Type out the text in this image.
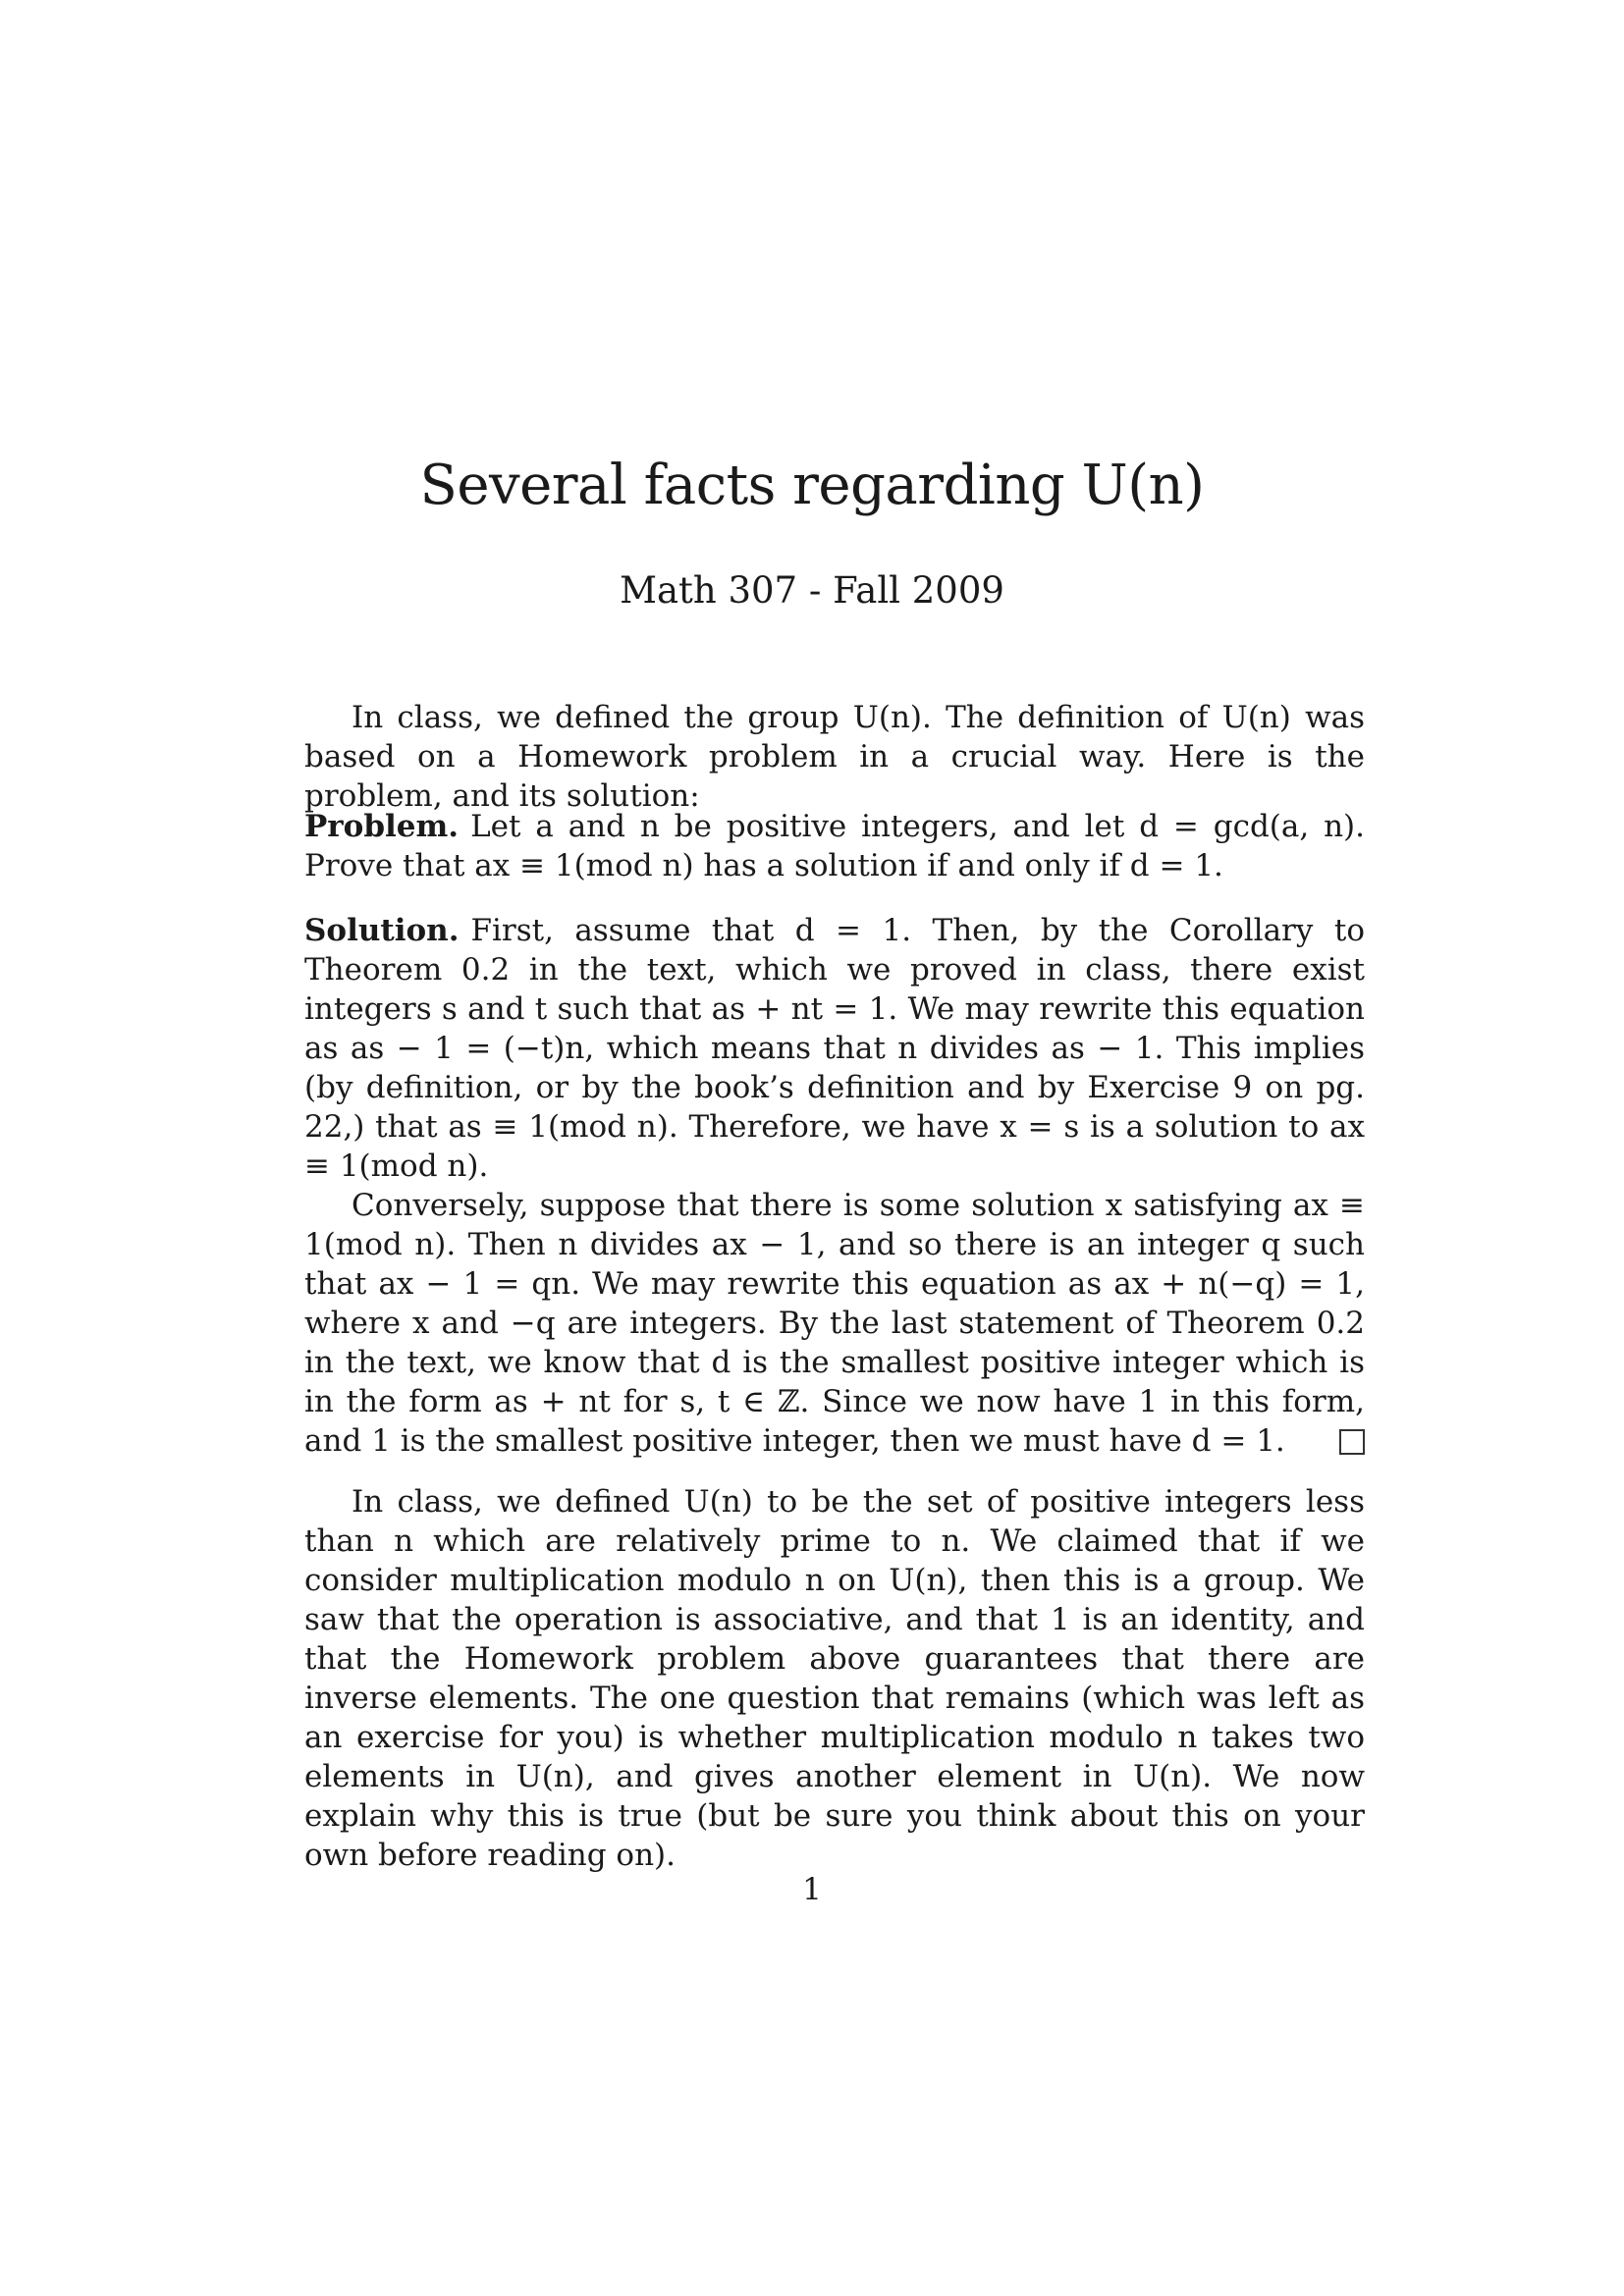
Several facts regarding U(n)
Math 307 - Fall 2009

In class, we defined the group U(n). The definition of U(n) was based on a Homework problem in a crucial way. Here is the problem, and its solution:

Problem. Let a and n be positive integers, and let d = gcd(a, n). Prove that ax ≡ 1(mod n) has a solution if and only if d = 1.

Solution. First, assume that d = 1. Then, by the Corollary to Theorem 0.2 in the text, which we proved in class, there exist integers s and t such that as + nt = 1. We may rewrite this equation as as − 1 = (−t)n, which means that n divides as − 1. This implies (by definition, or by the book’s definition and by Exercise 9 on pg. 22,) that as ≡ 1(mod n). Therefore, we have x = s is a solution to ax ≡ 1(mod n).

Conversely, suppose that there is some solution x satisfying ax ≡ 1(mod n). Then n divides ax − 1, and so there is an integer q such that ax − 1 = qn. We may rewrite this equation as ax + n(−q) = 1, where x and −q are integers. By the last statement of Theorem 0.2 in the text, we know that d is the smallest positive integer which is in the form as + nt for s, t ∈ ℤ. Since we now have 1 in this form, and 1 is the smallest positive integer, then we must have d = 1.

In class, we defined U(n) to be the set of positive integers less than n which are relatively prime to n. We claimed that if we consider multiplication modulo n on U(n), then this is a group. We saw that the operation is associative, and that 1 is an identity, and that the Homework problem above guarantees that there are inverse elements. The one question that remains (which was left as an exercise for you) is whether multiplication modulo n takes two elements in U(n), and gives another element in U(n). We now explain why this is true (but be sure you think about this on your own before reading on).

1
